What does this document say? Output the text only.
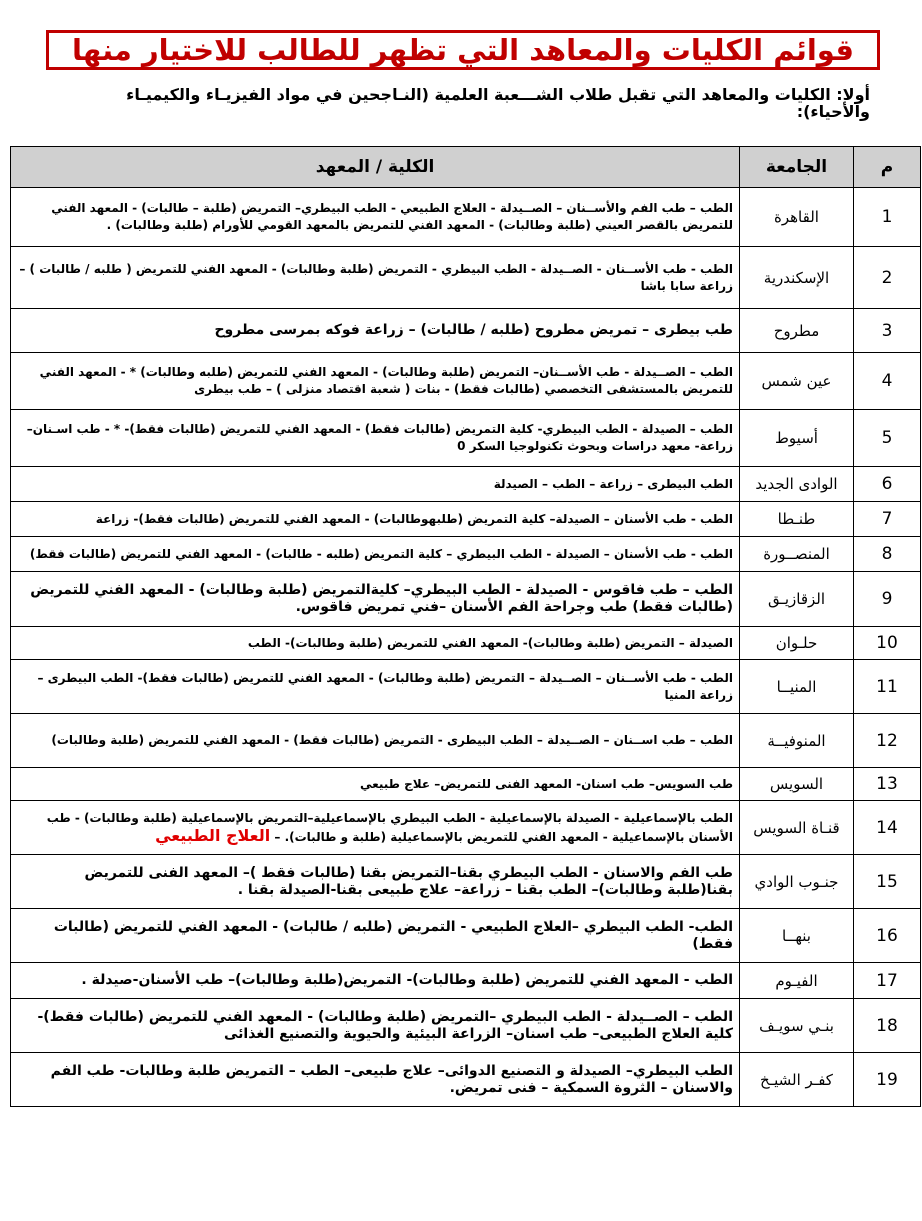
قوائم الكليات والمعاهد التي تظهر للطالب للاختيار منها
أولا: الكليات والمعاهد التي تقبل طلاب الشـــعبة العلمية (النـاجحين في مواد الفيزيـاء والكيميـاء والأحياء):
م	الجامعة	الكلية / المعهد
1	القاهرة	الطب – طب الفم والأســنان – الصــيدلة - العلاج الطبيعي - الطب البيطري– التمريض (طلبة – طالبات) - المعهد الفني للتمريض بالقصر العيني (طلبة وطالبات) - المعهد الفني للتمريض بالمعهد القومي للأورام (طلبة وطالبات) .
2	الإسكندرية	الطب - طب الأســنان - الصــيدلة - الطب البيطري - التمريض (طلبة وطالبات) - المعهد الفني للتمريض ( طلبه / طالبات ) – زراعة سابا باشا
3	مطروح	طب بيطرى – تمريض مطروح (طلبه / طالبات) – زراعة فوكه بمرسى مطروح
4	عين شمس	الطب – الصــيدلة - طب الأســنان– التمريض (طلبة وطالبات) - المعهد الفني للتمريض (طلبه وطالبات) * - المعهد الفني للتمريض بالمستشفى التخصصي (طالبات فقط) - بنات ( شعبة اقتصاد منزلى ) – طب بيطرى
5	أسيوط	الطب – الصيدلة - الطب البيطري- كلية التمريض (طالبات فقط) - المعهد الفني للتمريض (طالبات فقط)- * - طب اسـنان– زراعة- معهد دراسات وبحوث تكنولوجيا السكر 0
6	الوادى الجديد	الطب البيطرى – زراعة – الطب – الصيدلة
7	طنـطا	الطب - طب الأسنان – الصيدلة– كلية التمريض (طلبهوطالبات) - المعهد الفني للتمريض (طالبات فقط)- زراعة
8	المنصــورة	الطب - طب الأسنان – الصيدلة - الطب البيطري – كلية التمريض (طلبه - طالبات) - المعهد الفني للتمريض (طالبات فقط)
9	الزقازيـق	الطب – طب فاقوس - الصيدلة - الطب البيطري– كليةالتمريض (طلبة وطالبات) - المعهد الفني للتمريض (طالبات فقط) طب وجراحة الفم الأسنان –فني تمريض فاقوس.
10	حلـوان	الصيدلة – التمريض (طلبة وطالبات)- المعهد الفني للتمريض (طلبة وطالبات)- الطب
11	المنيــا	الطب - طب الأســنان – الصــيدلة – التمريض (طلبة وطالبات) - المعهد الفني للتمريض (طالبات فقط)- الطب البيطرى – زراعة المنيا
12	المنوفيــة	الطب – طب اســنان – الصــيدلة – الطب البيطرى - التمريض (طالبات فقط) - المعهد الفني للتمريض (طلبة وطالبات)
13	السويس	طب السويس– طب اسنان- المعهد الفنى للتمريض– علاج طبيعي
14	قنـاة السويس	الطب بالإسماعيلية - الصيدلة بالإسماعيلية - الطب البيطري بالإسماعيلية–التمريض بالإسماعيلية (طلبة وطالبات) - طب الأسنان بالإسماعيلية - المعهد الفني للتمريض بالإسماعيلية (طلبة و طالبات). – العلاج الطبيعي
15	جنـوب الوادي	طب الفم والاسنان - الطب البيطري بقنا–التمريض بقنا (طالبات فقط )– المعهد الفنى للتمريض بقنا(طلبة وطالبات)– الطب بقنا – زراعة– علاج طبيعى بقنا-الصيدلة بقنا .
16	بنهــا	الطب- الطب البيطري –العلاج الطبيعي - التمريض (طلبه / طالبات) - المعهد الفني للتمريض (طالبات فقط)
17	الفيـوم	الطب - المعهد الفني للتمريض (طلبة وطالبات)- التمريض(طلبة وطالبات)– طب الأسنان-صيدلة .
18	بنـي سويـف	الطب – الصــيدلة - الطب البيطري –التمريض (طلبة وطالبات) - المعهد الفني للتمريض (طالبات فقط)- كلية العلاج الطبيعى– طب اسنان– الزراعة البيئية والحيوية والتصنيع الغذائى
19	كفـر الشيـخ	الطب البيطري– الصيدلة و التصنيع الدوائى– علاج طبيعى– الطب – التمريض طلبة وطالبات- طب الفم والاسنان – الثروة السمكية – فنى تمريض.
